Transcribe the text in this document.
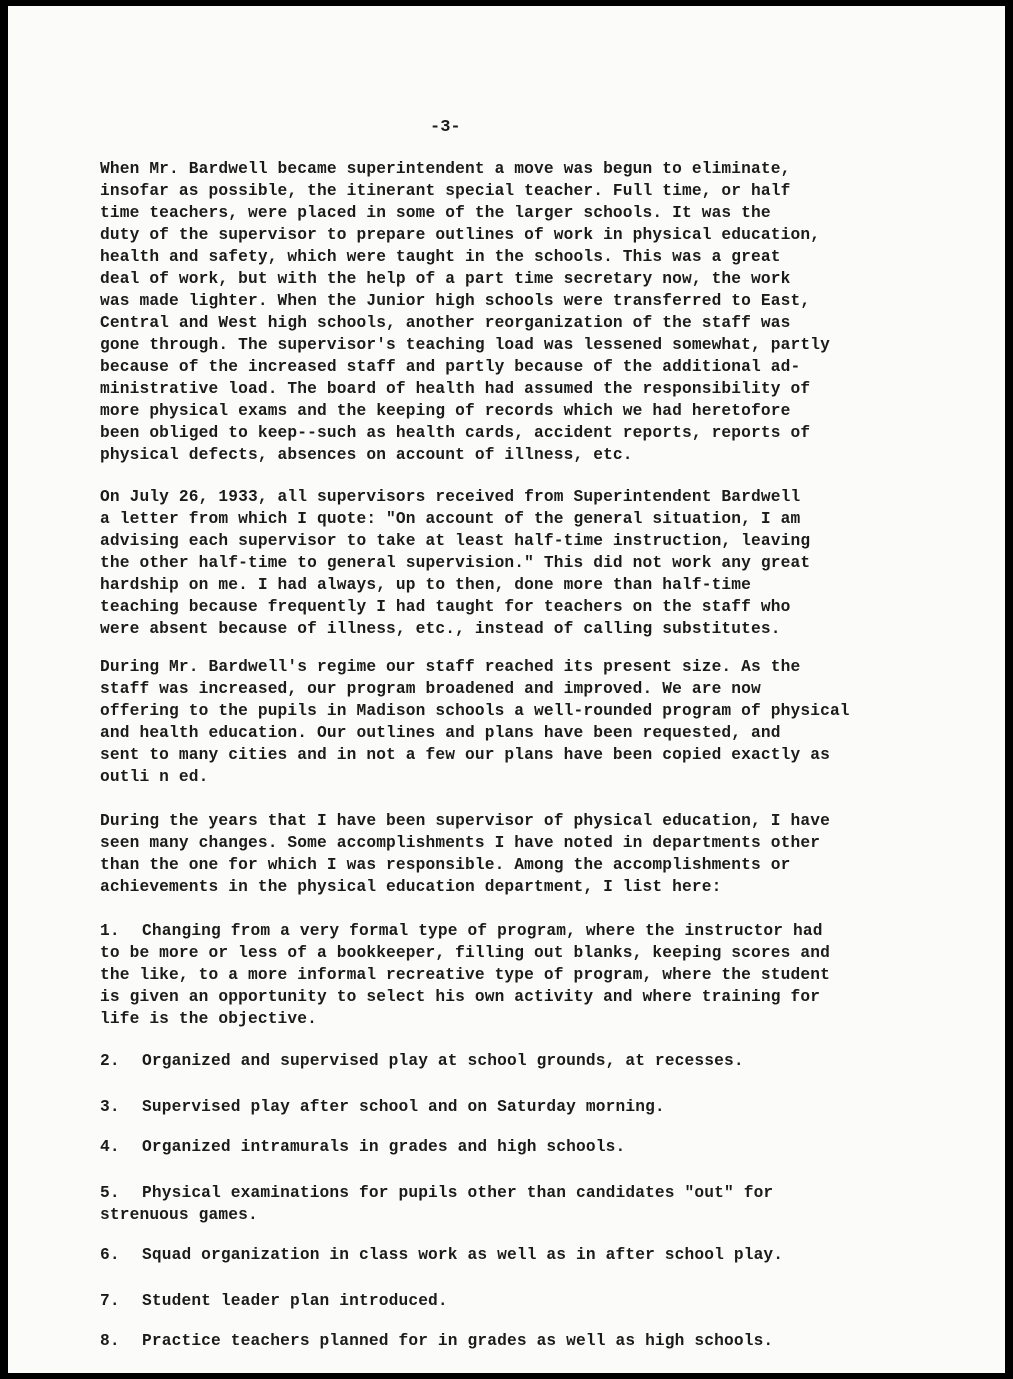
-3-
When Mr. Bardwell became superintendent a move was begun to eliminate,
insofar as possible, the itinerant special teacher. Full time, or half
time teachers, were placed in some of the larger schools. It was the
duty of the supervisor to prepare outlines of work in physical education,
health and safety, which were taught in the schools. This was a great
deal of work, but with the help of a part time secretary now, the work
was made lighter. When the Junior high schools were transferred to East,
Central and West high schools, another reorganization of the staff was
gone through. The supervisor's teaching load was lessened somewhat, partly
because of the increased staff and partly because of the additional ad-
ministrative load. The board of health had assumed the responsibility of
more physical exams and the keeping of records which we had heretofore
been obliged to keep--such as health cards, accident reports, reports of
physical defects, absences on account of illness, etc.
On July 26, 1933, all supervisors received from Superintendent Bardwell
a letter from which I quote: "On account of the general situation, I am
advising each supervisor to take at least half-time instruction, leaving
the other half-time to general supervision." This did not work any great
hardship on me. I had always, up to then, done more than half-time
teaching because frequently I had taught for teachers on the staff who
were absent because of illness, etc., instead of calling substitutes.
During Mr. Bardwell's regime our staff reached its present size. As the
staff was increased, our program broadened and improved. We are now
offering to the pupils in Madison schools a well-rounded program of physical
and health education. Our outlines and plans have been requested, and
sent to many cities and in not a few our plans have been copied exactly as
outli n ed.
During the years that I have been supervisor of physical education, I have
seen many changes. Some accomplishments I have noted in departments other
than the one for which I was responsible. Among the accomplishments or
achievements in the physical education department, I list here:
1. Changing from a very formal type of program, where the instructor had
to be more or less of a bookkeeper, filling out blanks, keeping scores and
the like, to a more informal recreative type of program, where the student
is given an opportunity to select his own activity and where training for
life is the objective.
2. Organized and supervised play at school grounds, at recesses.
3. Supervised play after school and on Saturday morning.
4. Organized intramurals in grades and high schools.
5. Physical examinations for pupils other than candidates "out" for
strenuous games.
6. Squad organization in class work as well as in after school play.
7. Student leader plan introduced.
8. Practice teachers planned for in grades as well as high schools.
